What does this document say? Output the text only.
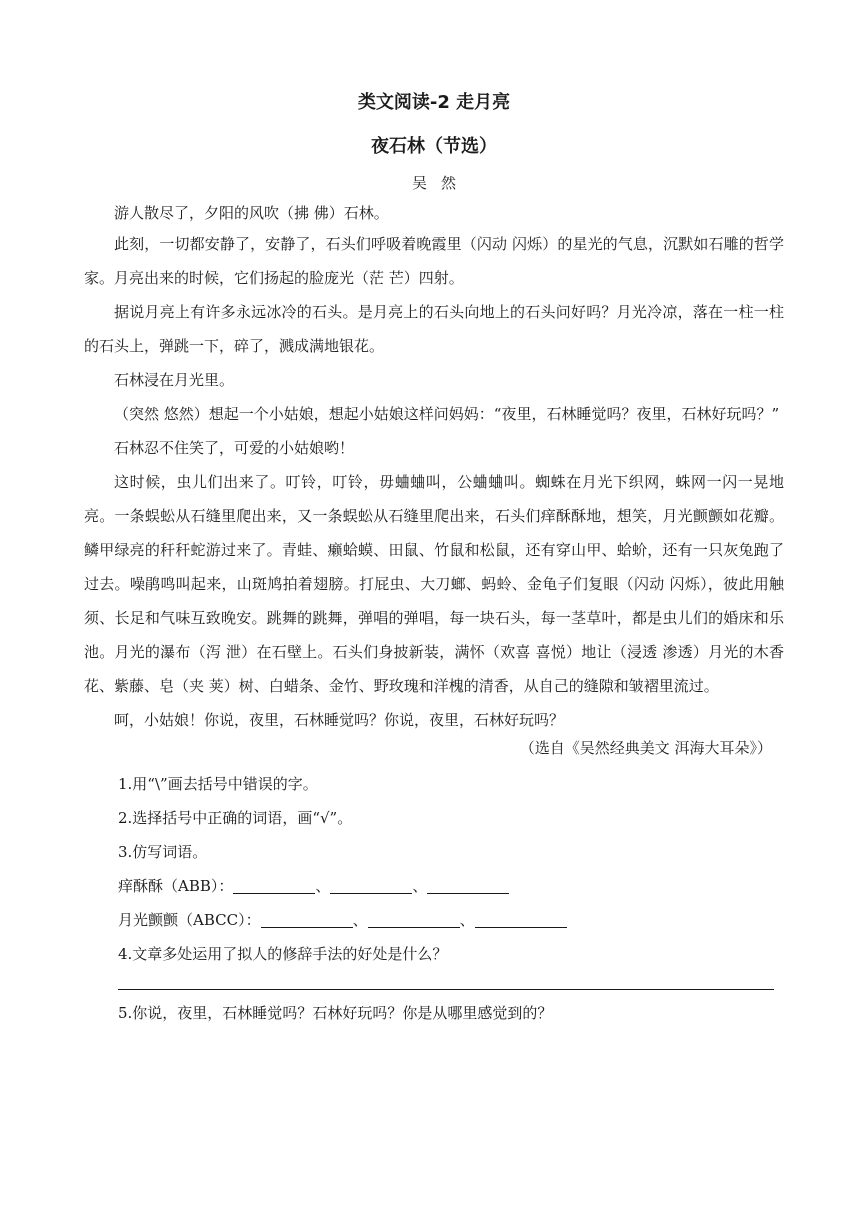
类文阅读-2 走月亮
夜石林（节选）
吴然

游人散尽了，夕阳的风吹（拂 佛）石林。

此刻，一切都安静了，安静了，石头们呼吸着晚霞里（闪动 闪烁）的星光的气息，沉默如石雕的哲学家。月亮出来的时候，它们扬起的脸庞光（茫 芒）四射。

据说月亮上有许多永远冰冷的石头。是月亮上的石头向地上的石头问好吗？月光冷凉，落在一柱一柱的石头上，弹跳一下，碎了，溅成满地银花。

石林浸在月光里。

（突然 悠然）想起一个小姑娘，想起小姑娘这样问妈妈：“夜里，石林睡觉吗？夜里，石林好玩吗？”

石林忍不住笑了，可爱的小姑娘哟！

这时候，虫儿们出来了。叮铃，叮铃，毋蛐蛐叫，公蛐蛐叫。蜘蛛在月光下织网，蛛网一闪一晃地亮。一条蜈蚣从石缝里爬出来，又一条蜈蚣从石缝里爬出来，石头们痒酥酥地，想笑，月光颤颤如花瓣。鳞甲绿亮的秆秆蛇游过来了。青蛙、癞蛤蟆、田鼠、竹鼠和松鼠，还有穿山甲、蛤蚧，还有一只灰兔跑了过去。噪鹃鸣叫起来，山斑鸠拍着翅膀。打屁虫、大刀螂、蚂蛉、金龟子们复眼（闪动 闪烁），彼此用触须、长足和气味互致晚安。跳舞的跳舞，弹唱的弹唱，每一块石头，每一茎草叶，都是虫儿们的婚床和乐池。月光的瀑布（泻 泄）在石壁上。石头们身披新装，满怀（欢喜 喜悦）地让（浸透 渗透）月光的木香花、紫藤、皂（夹 荚）树、白蜡条、金竹、野玫瑰和洋槐的清香，从自己的缝隙和皱褶里流过。

呵，小姑娘！你说，夜里，石林睡觉吗？你说，夜里，石林好玩吗？

（选自《吴然经典美文 洱海大耳朵》）

1.用“\”画去括号中错误的字。

2.选择括号中正确的词语，画“√”。

3.仿写词语。

痒酥酥（ABB）：	、	、

月光颤颤（ABCC）：	、	、

4.文章多处运用了拟人的修辞手法的好处是什么？

5.你说，夜里，石林睡觉吗？石林好玩吗？你是从哪里感觉到的？
